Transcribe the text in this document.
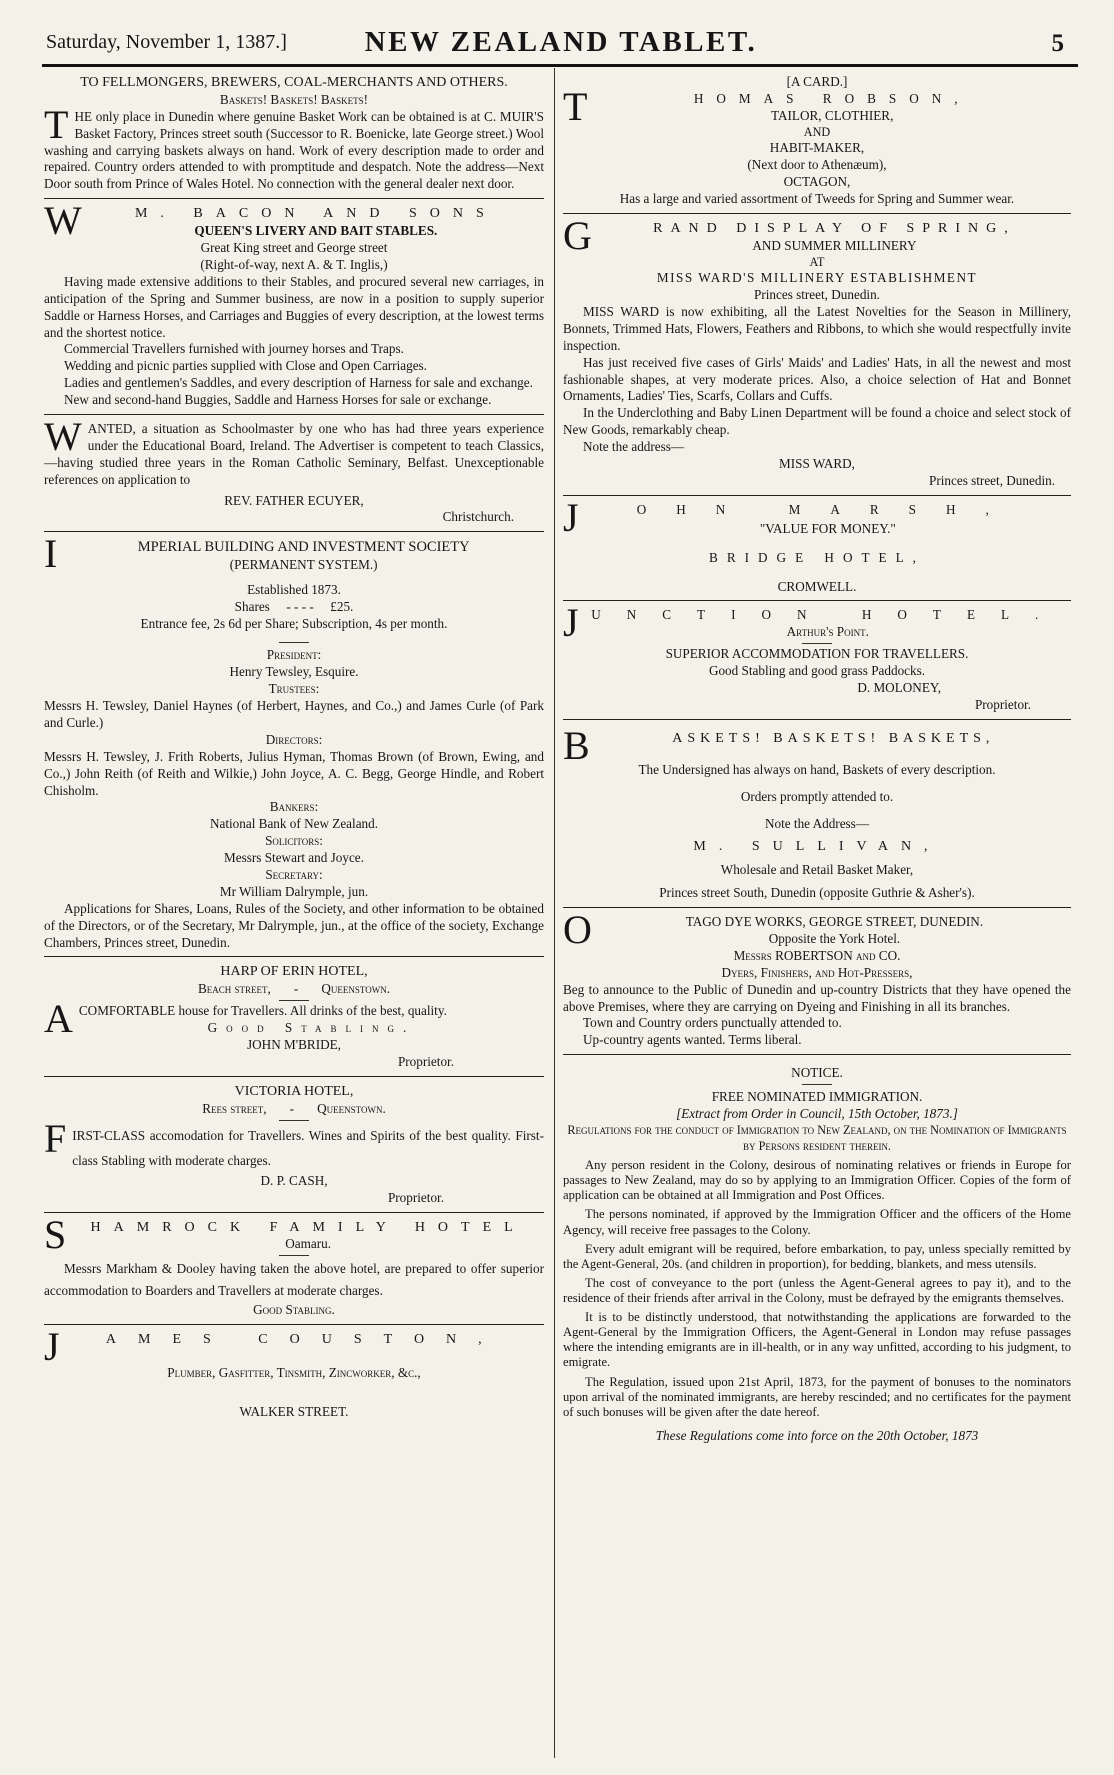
Saturday, November 1, 1387.]	NEW ZEALAND TABLET.	5
TO FELLMONGERS, BREWERS, COAL-MERCHANTS AND OTHERS.
Baskets! Baskets! Baskets!
THE only place in Dunedin where genuine Basket Work can be obtained is at C. MUIR'S Basket Factory, Princes street south (Successor to R. Boenicke, late George street.) Wool washing and carrying baskets always on hand. Work of every description made to order and repaired. Country orders attended to with promptitude and despatch. Note the address—Next Door south from Prince of Wales Hotel. No connection with the general dealer next door.
W	M. BACON AND SONS
QUEEN'S LIVERY AND BAIT STABLES.
Great King street and George street
(Right-of-way, next A. & T. Inglis,)

Having made extensive additions to their Stables, and procured several new carriages, in anticipation of the Spring and Summer business, are now in a position to supply superior Saddle or Harness Horses, and Carriages and Buggies of every description, at the lowest terms and the shortest notice.

Commercial Travellers furnished with journey horses and Traps.

Wedding and picnic parties supplied with Close and Open Carriages.

Ladies and gentlemen's Saddles, and every description of Harness for sale and exchange.

New and second-hand Buggies, Saddle and Harness Horses for sale or exchange.

WANTED, a situation as Schoolmaster by one who has had three years experience under the Educational Board, Ireland. The Advertiser is competent to teach Classics,—having studied three years in the Roman Catholic Seminary, Belfast. Unexceptionable references on application to
REV. FATHER ECUYER,
Christchurch.
I	MPERIAL BUILDING AND INVESTMENT SOCIETY
(PERMANENT SYSTEM.)
Established 1873.
Shares - - - - £25.
Entrance fee, 2s 6d per Share; Subscription, 4s per month.
President:
Henry Tewsley, Esquire.
Trustees:
Messrs H. Tewsley, Daniel Haynes (of Herbert, Haynes, and Co.,) and James Curle (of Park and Curle.)
Directors:
Messrs H. Tewsley, J. Frith Roberts, Julius Hyman, Thomas Brown (of Brown, Ewing, and Co.,) John Reith (of Reith and Wilkie,) John Joyce, A. C. Begg, George Hindle, and Robert Chisholm.
Bankers:
National Bank of New Zealand.
Solicitors:
Messrs Stewart and Joyce.
Secretary:
Mr William Dalrymple, jun.

Applications for Shares, Loans, Rules of the Society, and other information to be obtained of the Directors, or of the Secretary, Mr Dalrymple, jun., at the office of the society, Exchange Chambers, Princes street, Dunedin.

HARP OF ERIN HOTEL,
Beach street, - Queenstown.
ACOMFORTABLE house for Travellers. All drinks of the best, quality.
Good Stabling.
JOHN M'BRIDE,
Proprietor.
VICTORIA HOTEL,
Rees street, - Queenstown.
FIRST-CLASS accomodation for Travellers. Wines and Spirits of the best quality. First-class Stabling with moderate charges.
D. P. CASH,
Proprietor.
S	HAMROCK FAMILY HOTEL
Oamaru.

Messrs Markham & Dooley having taken the above hotel, are prepared to offer superior accommodation to Boarders and Travellers at moderate charges.

Good Stabling.
J	AMES COUSTON,
Plumber, Gasfitter, Tinsmith, Zincworker, &c.,
WALKER STREET.
[A CARD.]
T	HOMAS ROBSON,
TAILOR, CLOTHIER,
AND
HABIT-MAKER,
(Next door to Athenæum),
OCTAGON,
Has a large and varied assortment of Tweeds for Spring and Summer wear.
G	RAND DISPLAY OF SPRING,
AND SUMMER MILLINERY
AT
MISS WARD'S MILLINERY ESTABLISHMENT
Princes street, Dunedin.

MISS WARD is now exhibiting, all the Latest Novelties for the Season in Millinery, Bonnets, Trimmed Hats, Flowers, Feathers and Ribbons, to which she would respectfully invite inspection.

Has just received five cases of Girls' Maids' and Ladies' Hats, in all the newest and most fashionable shapes, at very moderate prices. Also, a choice selection of Hat and Bonnet Ornaments, Ladies' Ties, Scarfs, Collars and Cuffs.

In the Underclothing and Baby Linen Department will be found a choice and select stock of New Goods, remarkably cheap.

Note the address—

MISS WARD,
Princes street, Dunedin.
J	OHN MARSH,
"VALUE FOR MONEY."
BRIDGE HOTEL,
CROMWELL.
J UNCTION HOTEL.
Arthur's Point.
SUPERIOR ACCOMMODATION FOR TRAVELLERS.
Good Stabling and good grass Paddocks.
D. MOLONEY,
Proprietor.
B	ASKETS! BASKETS! BASKETS,
The Undersigned has always on hand, Baskets of every description.
Orders promptly attended to.
Note the Address—
M. SULLIVAN,
Wholesale and Retail Basket Maker,
Princes street South, Dunedin (opposite Guthrie & Asher's).
O	TAGO DYE WORKS, GEORGE STREET, DUNEDIN.
Opposite the York Hotel.
Messrs ROBERTSON and CO.
Dyers, Finishers, and Hot-Pressers,
Beg to announce to the Public of Dunedin and up-country Districts that they have opened the above Premises, where they are carrying on Dyeing and Finishing in all its branches.

Town and Country orders punctually attended to.

Up-country agents wanted. Terms liberal.

NOTICE.
FREE NOMINATED IMMIGRATION.
[Extract from Order in Council, 15th October, 1873.]
Regulations for the conduct of Immigration to New Zealand, on the Nomination of Immigrants by Persons resident therein.

Any person resident in the Colony, desirous of nominating relatives or friends in Europe for passages to New Zealand, may do so by applying to an Immigration Officer. Copies of the form of application can be obtained at all Immigration and Post Offices.

The persons nominated, if approved by the Immigration Officer and the officers of the Home Agency, will receive free passages to the Colony.

Every adult emigrant will be required, before embarkation, to pay, unless specially remitted by the Agent-General, 20s. (and children in proportion), for bedding, blankets, and mess utensils.

The cost of conveyance to the port (unless the Agent-General agrees to pay it), and to the residence of their friends after arrival in the Colony, must be defrayed by the emigrants themselves.

It is to be distinctly understood, that notwithstanding the applications are forwarded to the Agent-General by the Immigration Officers, the Agent-General in London may refuse passages where the intending emigrants are in ill-health, or in any way unfitted, according to his judgment, to emigrate.

The Regulation, issued upon 21st April, 1873, for the payment of bonuses to the nominators upon arrival of the nominated immigrants, are hereby rescinded; and no certificates for the payment of such bonuses will be given after the date hereof.

These Regulations come into force on the 20th October, 1873
